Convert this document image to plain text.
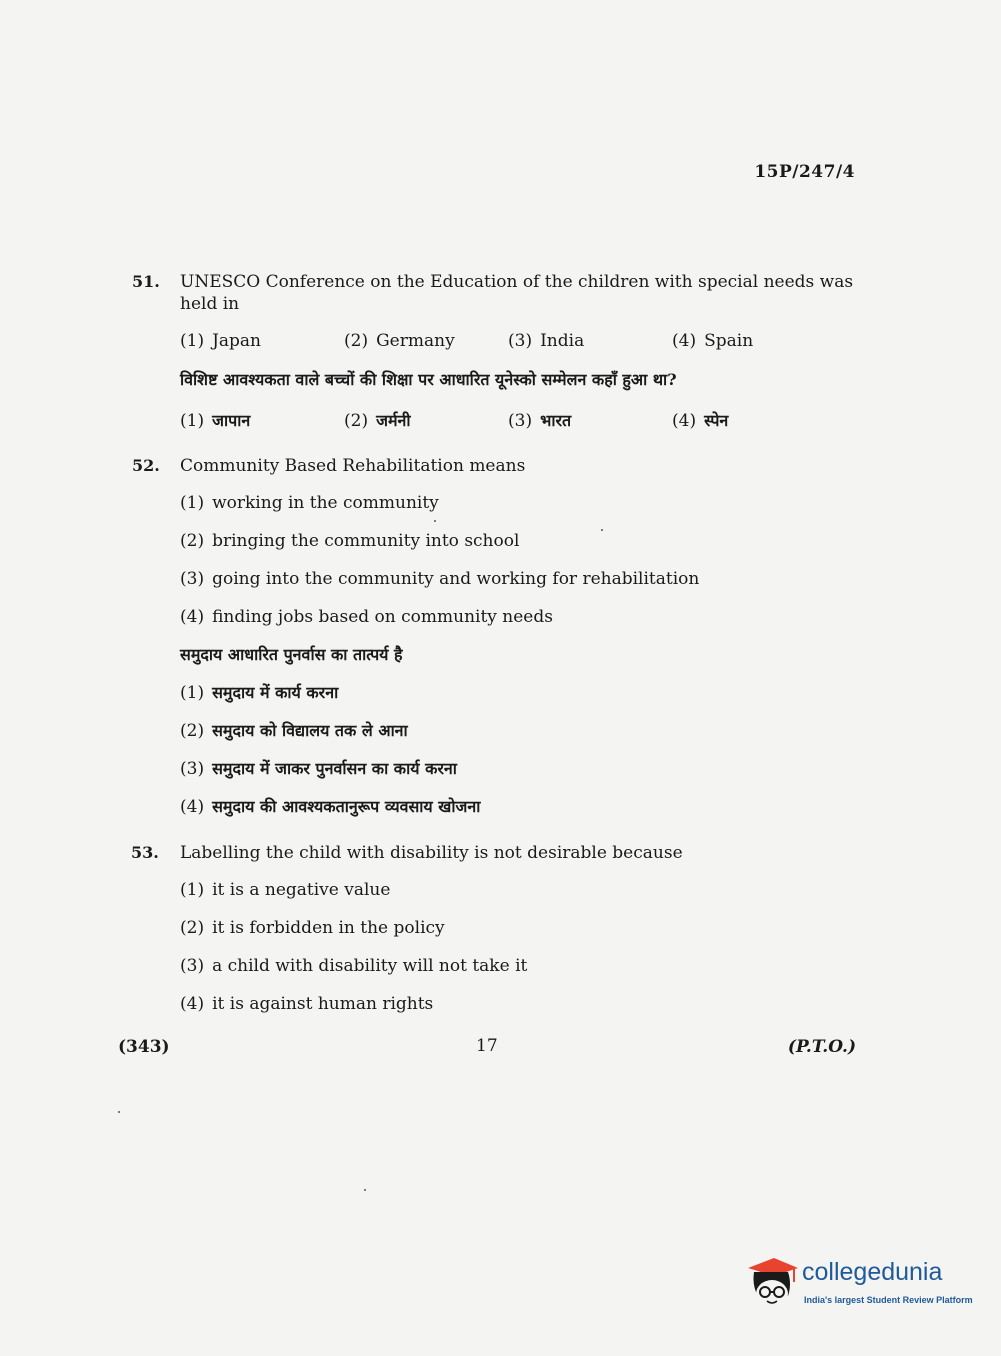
15P/247/4
51. UNESCO Conference on the Education of the children with special needs was
held in
(1) Japan	(2) Germany	(3) India	(4) Spain
विशिष्ट आवश्यकता वाले बच्चों की शिक्षा पर आधारित यूनेस्को सम्मेलन कहाँ हुआ था?
(1) जापान	(2) जर्मनी	(3) भारत	(4) स्पेन
52. Community Based Rehabilitation means
(1) working in the community
(2) bringing the community into school
(3) going into the community and working for rehabilitation
(4) finding jobs based on community needs
समुदाय आधारित पुनर्वास का तात्पर्य है
(1) समुदाय में कार्य करना
(2) समुदाय को विद्यालय तक ले आना
(3) समुदाय में जाकर पुनर्वासन का कार्य करना
(4) समुदाय की आवश्यकतानुरूप व्यवसाय खोजना
53. Labelling the child with disability is not desirable because
(1) it is a negative value
(2) it is forbidden in the policy
(3) a child with disability will not take it
(4) it is against human rights
(343)	17	(P.T.O.)
collegedunia
India's largest Student Review Platform
